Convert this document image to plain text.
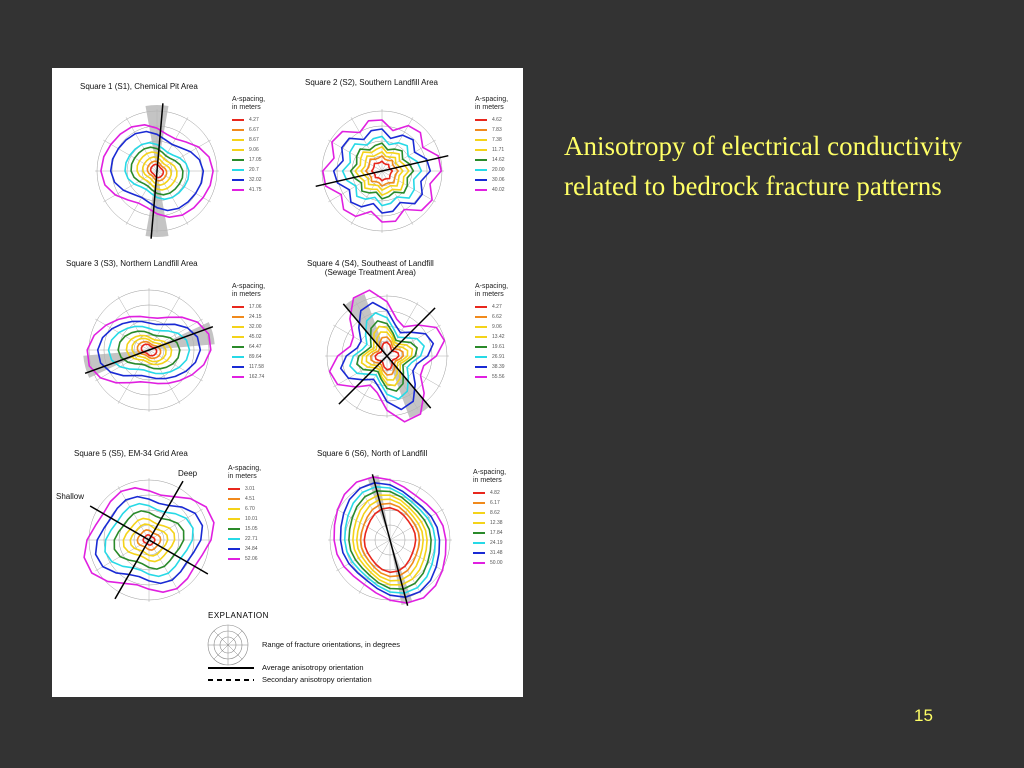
Square 1 (S1), Chemical Pit Area
A-spacing,
in meters
4.27
6.67
8.67
9.06
17.05
20.7
32.02
41.75
Square 2 (S2), Southern Landfill Area
A-spacing,
in meters
4.62
7.83
7.38
11.71
14.62
20.00
30.06
40.02
Square 3 (S3), Northern Landfill Area
A-spacing,
in meters
17.06
24.15
32.00
45.02
64.47
89.64
117.58
162.74
Square 4 (S4), Southeast of Landfill
(Sewage Treatment Area)
A-spacing,
in meters
4.27
6.62
9.06
13.42
19.61
26.91
38.39
55.56
Square 5 (S5), EM-34 Grid Area
Deep
Shallow
A-spacing,
in meters
3.01
4.51
6.70
10.01
15.05
22.71
34.84
52.06
Square 6 (S6), North of Landfill
A-spacing,
in meters
4.82
6.17
8.62
12.38
17.84
24.19
31.48
50.00
EXPLANATION
Range of fracture orientations, in degrees
Average anisotropy orientation
Secondary anisotropy orientation
Anisotropy of electrical conductivity related to bedrock fracture patterns
15
